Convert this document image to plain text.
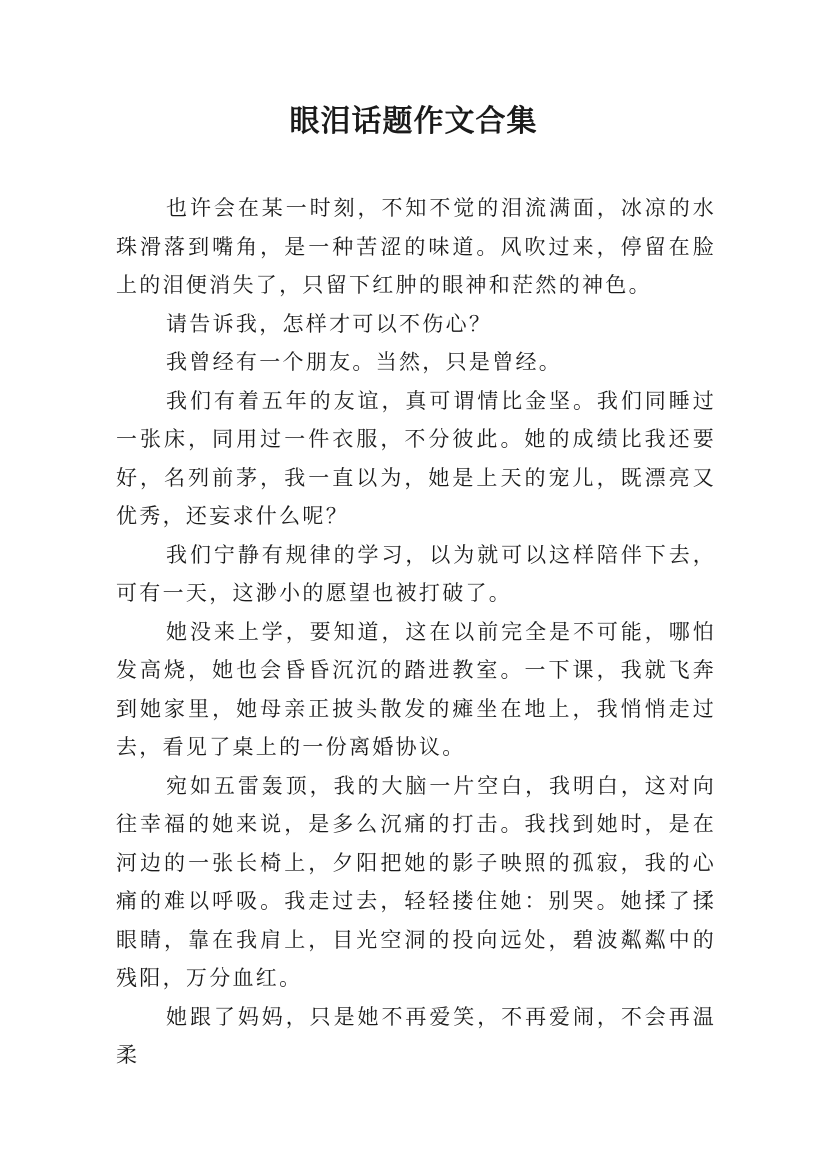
眼泪话题作文合集

也许会在某一时刻，不知不觉的泪流满面，冰凉的水珠滑落到嘴角，是一种苦涩的味道。风吹过来，停留在脸上的泪便消失了，只留下红肿的眼神和茫然的神色。

请告诉我，怎样才可以不伤心？

我曾经有一个朋友。当然，只是曾经。

我们有着五年的友谊，真可谓情比金坚。我们同睡过一张床，同用过一件衣服，不分彼此。她的成绩比我还要好，名列前茅，我一直以为，她是上天的宠儿，既漂亮又优秀，还妄求什么呢？

我们宁静有规律的学习，以为就可以这样陪伴下去，可有一天，这渺小的愿望也被打破了。

她没来上学，要知道，这在以前完全是不可能，哪怕发高烧，她也会昏昏沉沉的踏进教室。一下课，我就飞奔到她家里，她母亲正披头散发的瘫坐在地上，我悄悄走过去，看见了桌上的一份离婚协议。

宛如五雷轰顶，我的大脑一片空白，我明白，这对向往幸福的她来说，是多么沉痛的打击。我找到她时，是在河边的一张长椅上，夕阳把她的影子映照的孤寂，我的心痛的难以呼吸。我走过去，轻轻搂住她：别哭。她揉了揉眼睛，靠在我肩上，目光空洞的投向远处，碧波粼粼中的残阳，万分血红。

她跟了妈妈，只是她不再爱笑，不再爱闹，不会再温柔
